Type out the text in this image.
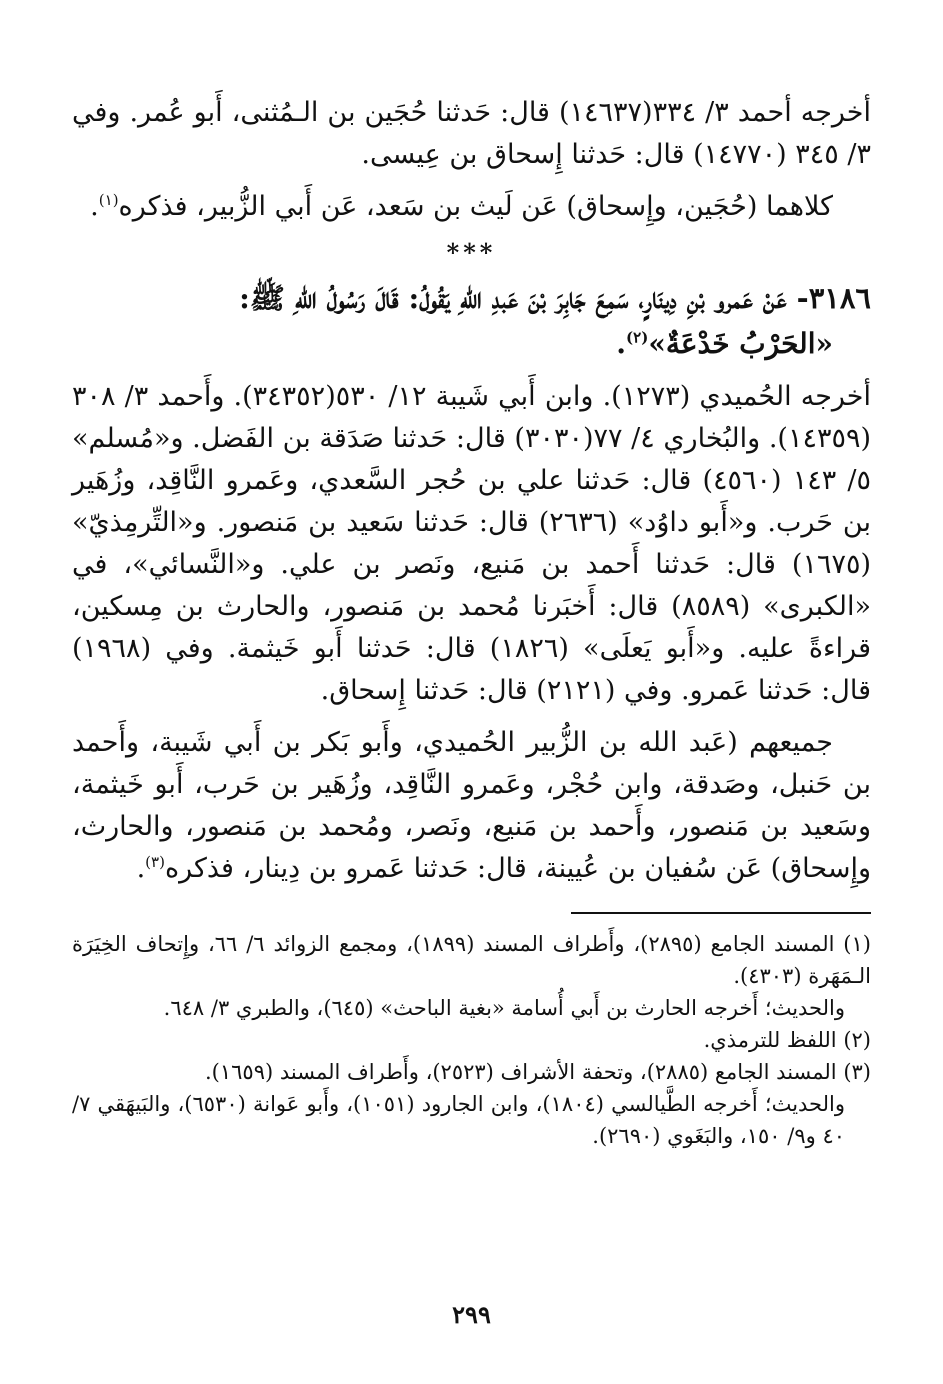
أخرجه أحمد ٣/ ٣٣٤(١٤٦٣٧) قال: حَدثنا حُجَين بن الـمُثنى، أَبو عُمر. وفي ٣/ ٣٤٥ (١٤٧٧٠) قال: حَدثنا إِسحاق بن عِيسى.

كلاهما (حُجَين، وإِسحاق) عَن لَيث بن سَعد، عَن أَبي الزُّبير، فذكره$^{(١)}$.

***

٣١٨٦- عَنْ عَمرو بْنِ دِينَارٍ، سَمِعَ جَابِرَ بْنَ عَبدِ اللهِ يَقُولُ: قَالَ رَسُولُ اللهِ ﷺ:

«الحَرْبُ خَدْعَةٌ»$^{(٢)}$.

أخرجه الحُميدي (١٢٧٣). وابن أَبي شَيبة ١٢/ ٥٣٠(٣٤٣٥٢). وأَحمد ٣/ ٣٠٨ (١٤٣٥٩). والبُخاري ٤/ ٧٧(٣٠٣٠) قال: حَدثنا صَدَقة بن الفَضل. و«مُسلم» ٥/ ١٤٣ (٤٥٦٠) قال: حَدثنا علي بن حُجر السَّعدي، وعَمرو النَّاقِد، وزُهَير بن حَرب. و«أَبو داوُد» (٢٦٣٦) قال: حَدثنا سَعيد بن مَنصور. و«التِّرمِذيّ» (١٦٧٥) قال: حَدثنا أَحمد بن مَنيع، ونَصر بن علي. و«النَّسائي»، في «الكبرى» (٨٥٨٩) قال: أَخبَرنا مُحمد بن مَنصور، والحارث بن مِسكين، قراءةً عليه. و«أَبو يَعلَى» (١٨٢٦) قال: حَدثنا أَبو خَيثمة. وفي (١٩٦٨) قال: حَدثنا عَمرو. وفي (٢١٢١) قال: حَدثنا إِسحاق.

جميعهم (عَبد الله بن الزُّبير الحُميدي، وأَبو بَكر بن أَبي شَيبة، وأَحمد بن حَنبل، وصَدقة، وابن حُجْر، وعَمرو النَّاقِد، وزُهَير بن حَرب، أَبو خَيثمة، وسَعيد بن مَنصور، وأَحمد بن مَنيع، ونَصر، ومُحمد بن مَنصور، والحارث، وإِسحاق) عَن سُفيان بن عُيينة، قال: حَدثنا عَمرو بن دِينار، فذكره$^{(٣)}$.

(١) المسند الجامع (٢٨٩٥)، وأَطراف المسند (١٨٩٩)، ومجمع الزوائد ٦/ ٦٦، وإِتحاف الخِيَرَة الـمَهَرة (٤٣٠٣).

والحديث؛ أَخرجه الحارث بن أَبي أُسامة «بغية الباحث» (٦٤٥)، والطبري ٣/ ٦٤٨.

(٢) اللفظ للترمذي.

(٣) المسند الجامع (٢٨٨٥)، وتحفة الأشراف (٢٥٢٣)، وأَطراف المسند (١٦٥٩).

والحديث؛ أَخرجه الطَّيالسي (١٨٠٤)، وابن الجارود (١٠٥١)، وأَبو عَوانة (٦٥٣٠)، والبَيهَقي ٧/ ٤٠ و٩/ ١٥٠، والبَغَوي (٢٦٩٠).

٢٩٩
